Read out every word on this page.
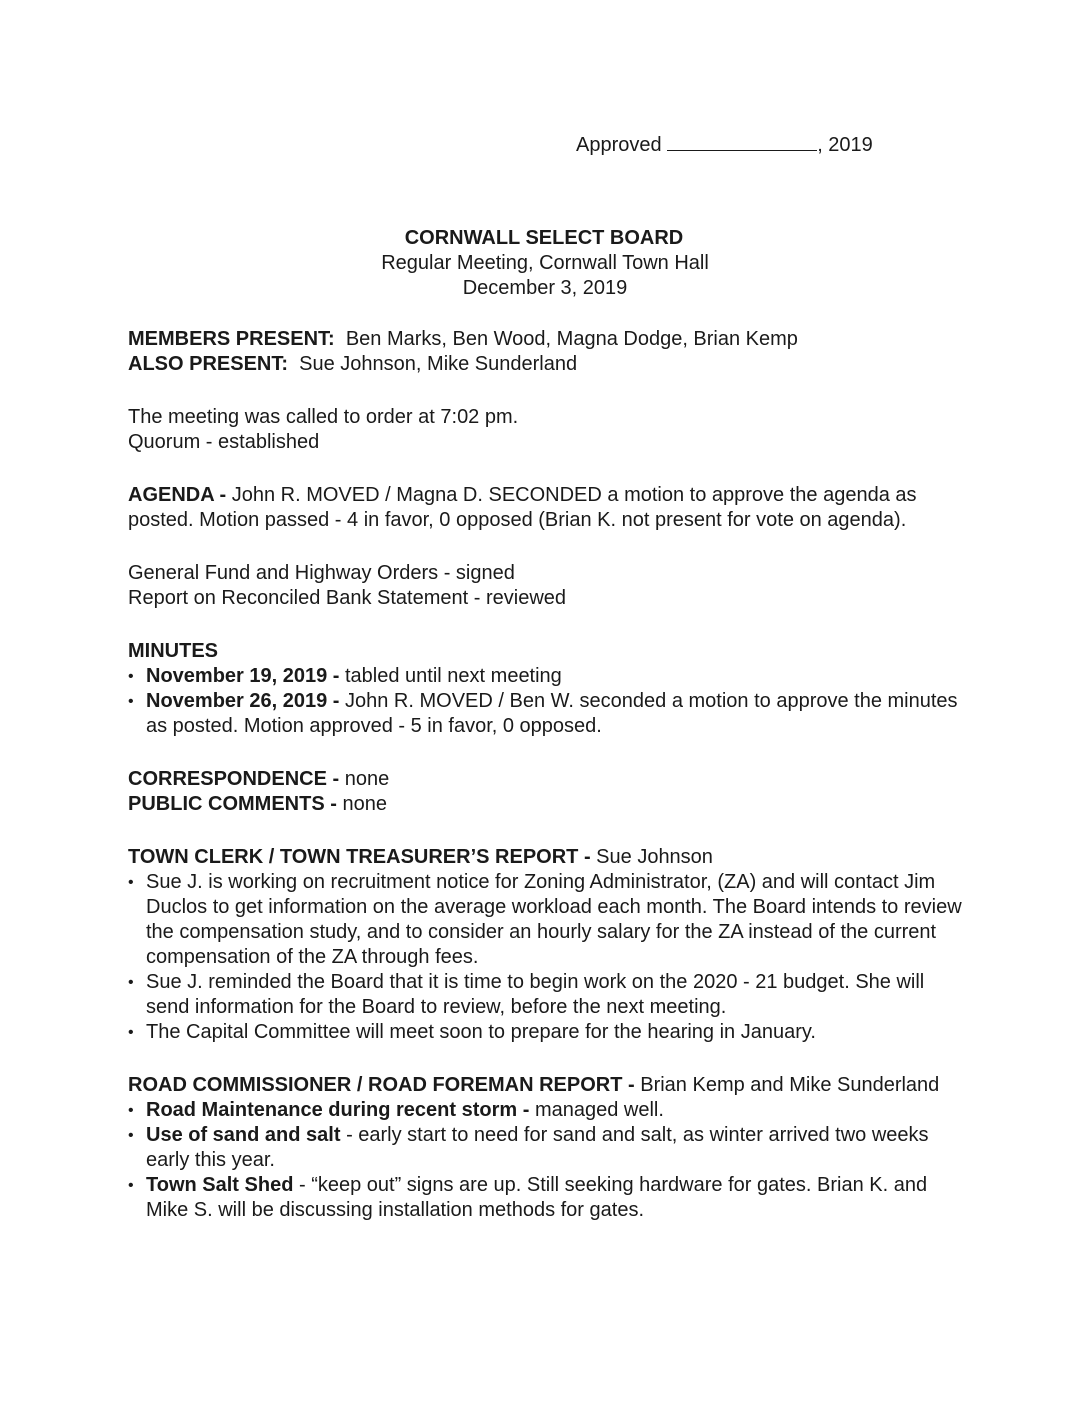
Approved	, 2019
CORNWALL SELECT BOARD
Regular Meeting, Cornwall Town Hall
December 3, 2019

MEMBERS PRESENT: Ben Marks, Ben Wood, Magna Dodge, Brian Kemp

ALSO PRESENT: Sue Johnson, Mike Sunderland

The meeting was called to order at 7:02 pm.

Quorum - established

AGENDA - John R. MOVED / Magna D. SECONDED a motion to approve the agenda as posted. Motion passed - 4 in favor, 0 opposed (Brian K. not present for vote on agenda).

General Fund and Highway Orders - signed

Report on Reconciled Bank Statement - reviewed

MINUTES

• November 19, 2019 - tabled until next meeting
• November 26, 2019 - John R. MOVED / Ben W. seconded a motion to approve the minutes as posted. Motion approved - 5 in favor, 0 opposed.

CORRESPONDENCE - none

PUBLIC COMMENTS - none

TOWN CLERK / TOWN TREASURER’S REPORT - Sue Johnson

• Sue J. is working on recruitment notice for Zoning Administrator, (ZA) and will contact Jim Duclos to get information on the average workload each month. The Board intends to review the compensation study, and to consider an hourly salary for the ZA instead of the current compensation of the ZA through fees.
• Sue J. reminded the Board that it is time to begin work on the 2020 - 21 budget. She will send information for the Board to review, before the next meeting.
• The Capital Committee will meet soon to prepare for the hearing in January.

ROAD COMMISSIONER / ROAD FOREMAN REPORT - Brian Kemp and Mike Sunderland

• Road Maintenance during recent storm - managed well.
• Use of sand and salt - early start to need for sand and salt, as winter arrived two weeks early this year.
• Town Salt Shed - “keep out” signs are up. Still seeking hardware for gates. Brian K. and Mike S. will be discussing installation methods for gates.
